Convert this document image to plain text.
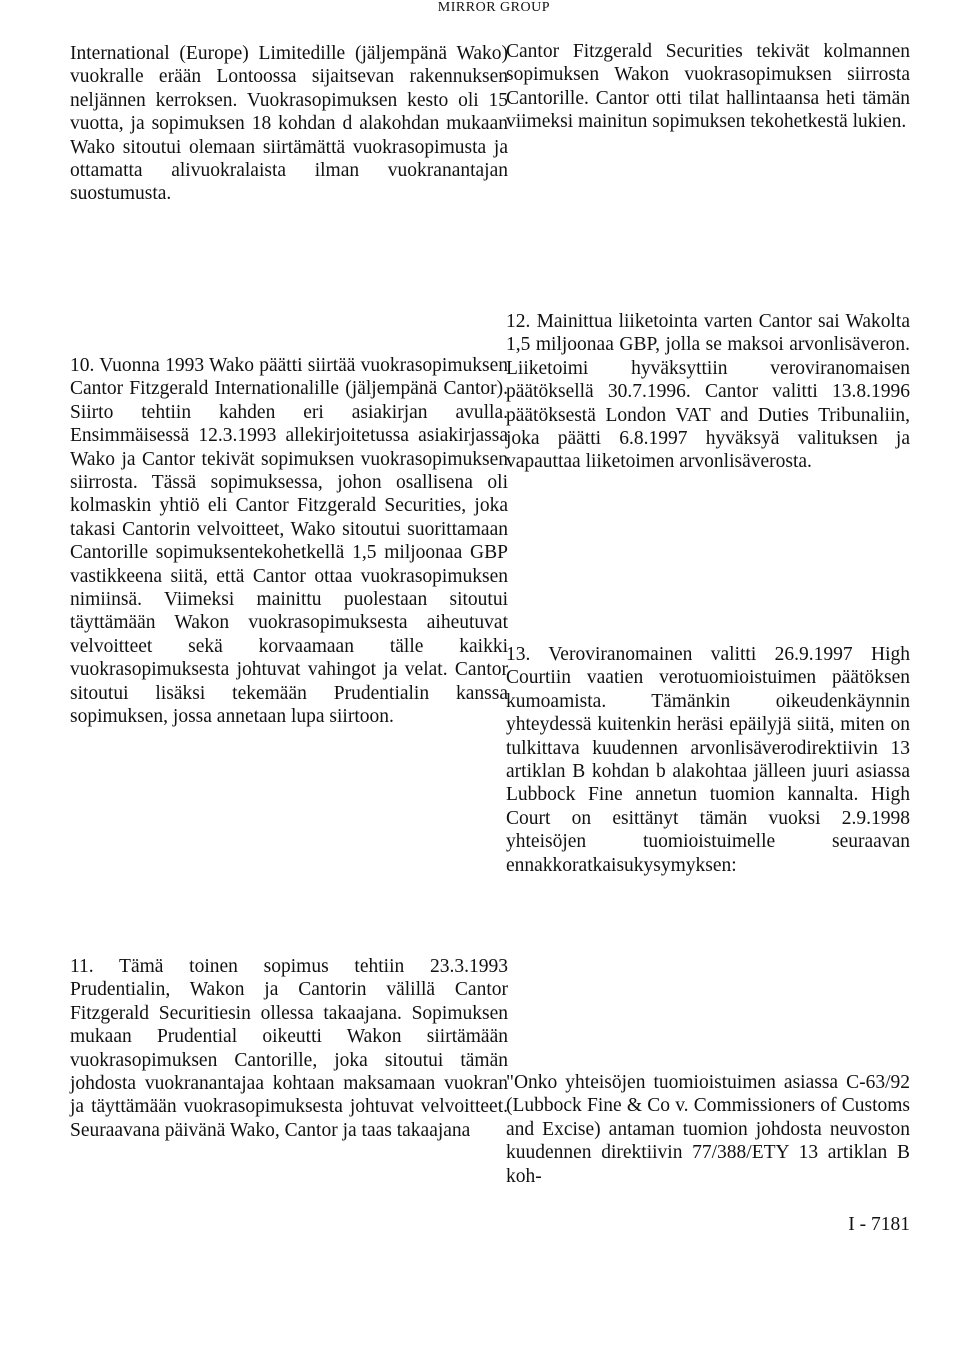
MIRROR GROUP
International (Europe) Limitedille (jäljempänä Wako) vuokralle erään Lontoossa sijaitsevan rakennuksen neljännen kerroksen. Vuokrasopimuksen kesto oli 15 vuotta, ja sopimuksen 18 kohdan d alakohdan mukaan Wako sitoutui olemaan siirtämättä vuokrasopimusta ja ottamatta alivuokralaista ilman vuokranantajan suostumusta.
Cantor Fitzgerald Securities tekivät kolmannen sopimuksen Wakon vuokrasopimuksen siirrosta Cantorille. Cantor otti tilat hallintaansa heti tämän viimeksi mainitun sopimuksen tekohetkestä lukien.
12. Mainittua liiketointa varten Cantor sai Wakolta 1,5 miljoonaa GBP, jolla se maksoi arvonlisäveron. Liiketoimi hyväksyttiin veroviranomaisen päätöksellä 30.7.1996. Cantor valitti 13.8.1996 päätöksestä London VAT and Duties Tribunaliin, joka päätti 6.8.1997 hyväksyä valituksen ja vapauttaa liiketoimen arvonlisäverosta.
10. Vuonna 1993 Wako päätti siirtää vuokrasopimuksen Cantor Fitzgerald Internationalille (jäljempänä Cantor). Siirto tehtiin kahden eri asiakirjan avulla. Ensimmäisessä 12.3.1993 allekirjoitetussa asiakirjassa Wako ja Cantor tekivät sopimuksen vuokrasopimuksen siirrosta. Tässä sopimuksessa, johon osallisena oli kolmaskin yhtiö eli Cantor Fitzgerald Securities, joka takasi Cantorin velvoitteet, Wako sitoutui suorittamaan Cantorille sopimuksentekohetkellä 1,5 miljoonaa GBP vastikkeena siitä, että Cantor ottaa vuokrasopimuksen nimiinsä. Viimeksi mainittu puolestaan sitoutui täyttämään Wakon vuokrasopimuksesta aiheutuvat velvoitteet sekä korvaamaan tälle kaikki vuokrasopimuksesta johtuvat vahingot ja velat. Cantor sitoutui lisäksi tekemään Prudentialin kanssa sopimuksen, jossa annetaan lupa siirtoon.
13. Veroviranomainen valitti 26.9.1997 High Courtiin vaatien verotuomioistuimen päätöksen kumoamista. Tämänkin oikeudenkäynnin yhteydessä kuitenkin heräsi epäilyjä siitä, miten on tulkittava kuudennen arvonlisäverodirektiivin 13 artiklan B kohdan b alakohtaa jälleen juuri asiassa Lubbock Fine annetun tuomion kannalta. High Court on esittänyt tämän vuoksi 2.9.1998 yhteisöjen tuomioistuimelle seuraavan ennakkoratkaisukysymyksen:
11. Tämä toinen sopimus tehtiin 23.3.1993 Prudentialin, Wakon ja Cantorin välillä Cantor Fitzgerald Securitiesin ollessa takaajana. Sopimuksen mukaan Prudential oikeutti Wakon siirtämään vuokrasopimuksen Cantorille, joka sitoutui tämän johdosta vuokranantajaa kohtaan maksamaan vuokran ja täyttämään vuokrasopimuksesta johtuvat velvoitteet. Seuraavana päivänä Wako, Cantor ja taas takaajana
"Onko yhteisöjen tuomioistuimen asiassa C-63/92 (Lubbock Fine & Co v. Commissioners of Customs and Excise) antaman tuomion johdosta neuvoston kuudennen direktiivin 77/388/ETY 13 artiklan B koh-
I - 7181
